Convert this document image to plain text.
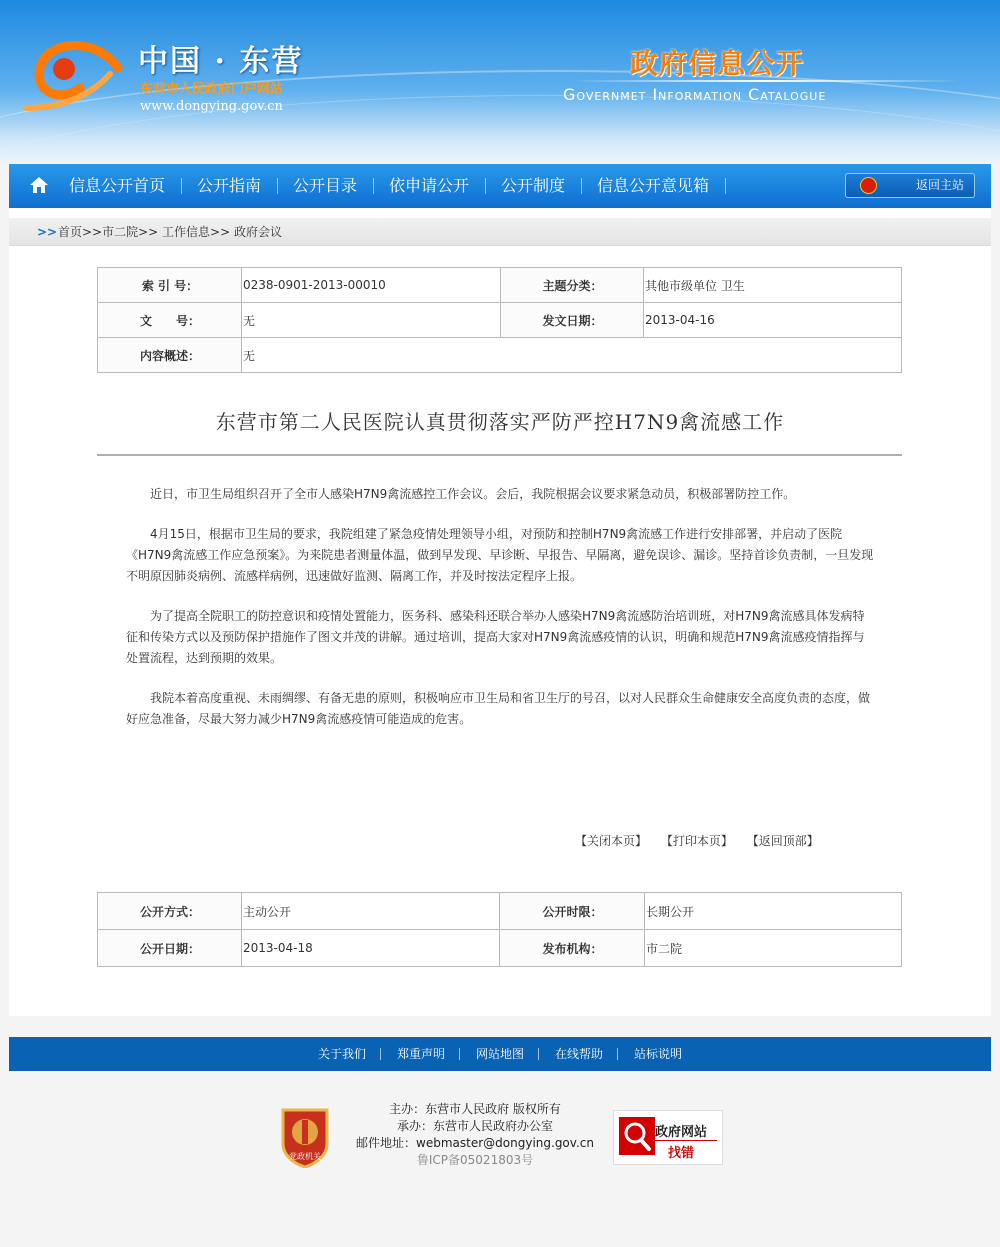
中国 · 东营
东营市人民政府门户网站
www.dongying.gov.cn
政府信息公开
Governmet Information Catalogue
信息公开首页 公开指南 公开目录 依申请公开 公开制度 信息公开意见箱	返回主站
>> 首页>>市二院>> 工作信息>> 政府会议
索 引 号：	0238-0901-2013-00010	主题分类：	其他市级单位 卫生
文　　号：	无	发文日期：	2013-04-16
内容概述：	无		
东营市第二人民医院认真贯彻落实严防严控H7N9禽流感工作

近日，市卫生局组织召开了全市人感染H7N9禽流感控工作会议。会后，我院根据会议要求紧急动员，积极部署防控工作。

4月15日，根据市卫生局的要求，我院组建了紧急疫情处理领导小组，对预防和控制H7N9禽流感工作进行安排部署，并启动了医院《H7N9禽流感工作应急预案》。为来院患者测量体温，做到早发现、早诊断、早报告、早隔离，避免误诊、漏诊。坚持首诊负责制，一旦发现不明原因肺炎病例、流感样病例，迅速做好监测、隔离工作，并及时按法定程序上报。

为了提高全院职工的防控意识和疫情处置能力，医务科、感染科还联合举办人感染H7N9禽流感防治培训班，对H7N9禽流感具体发病特征和传染方式以及预防保护措施作了图文并茂的讲解。通过培训，提高大家对H7N9禽流感疫情的认识，明确和规范H7N9禽流感疫情指挥与处置流程，达到预期的效果。

我院本着高度重视、未雨绸缪、有备无患的原则，积极响应市卫生局和省卫生厅的号召，以对人民群众生命健康安全高度负责的态度，做好应急准备，尽最大努力减少H7N9禽流感疫情可能造成的危害。

【关闭本页】 【打印本页】 【返回顶部】
公开方式：	主动公开	公开时限：	长期公开
公开日期：	2013-04-18	发布机构：	市二院
关于我们	郑重声明	网站地图	在线帮助	站标说明
党政机关
主办：东营市人民政府 版权所有
承办：东营市人民政府办公室
邮件地址：webmaster@dongying.gov.cn
鲁ICP备05021803号
政府网站
找错
